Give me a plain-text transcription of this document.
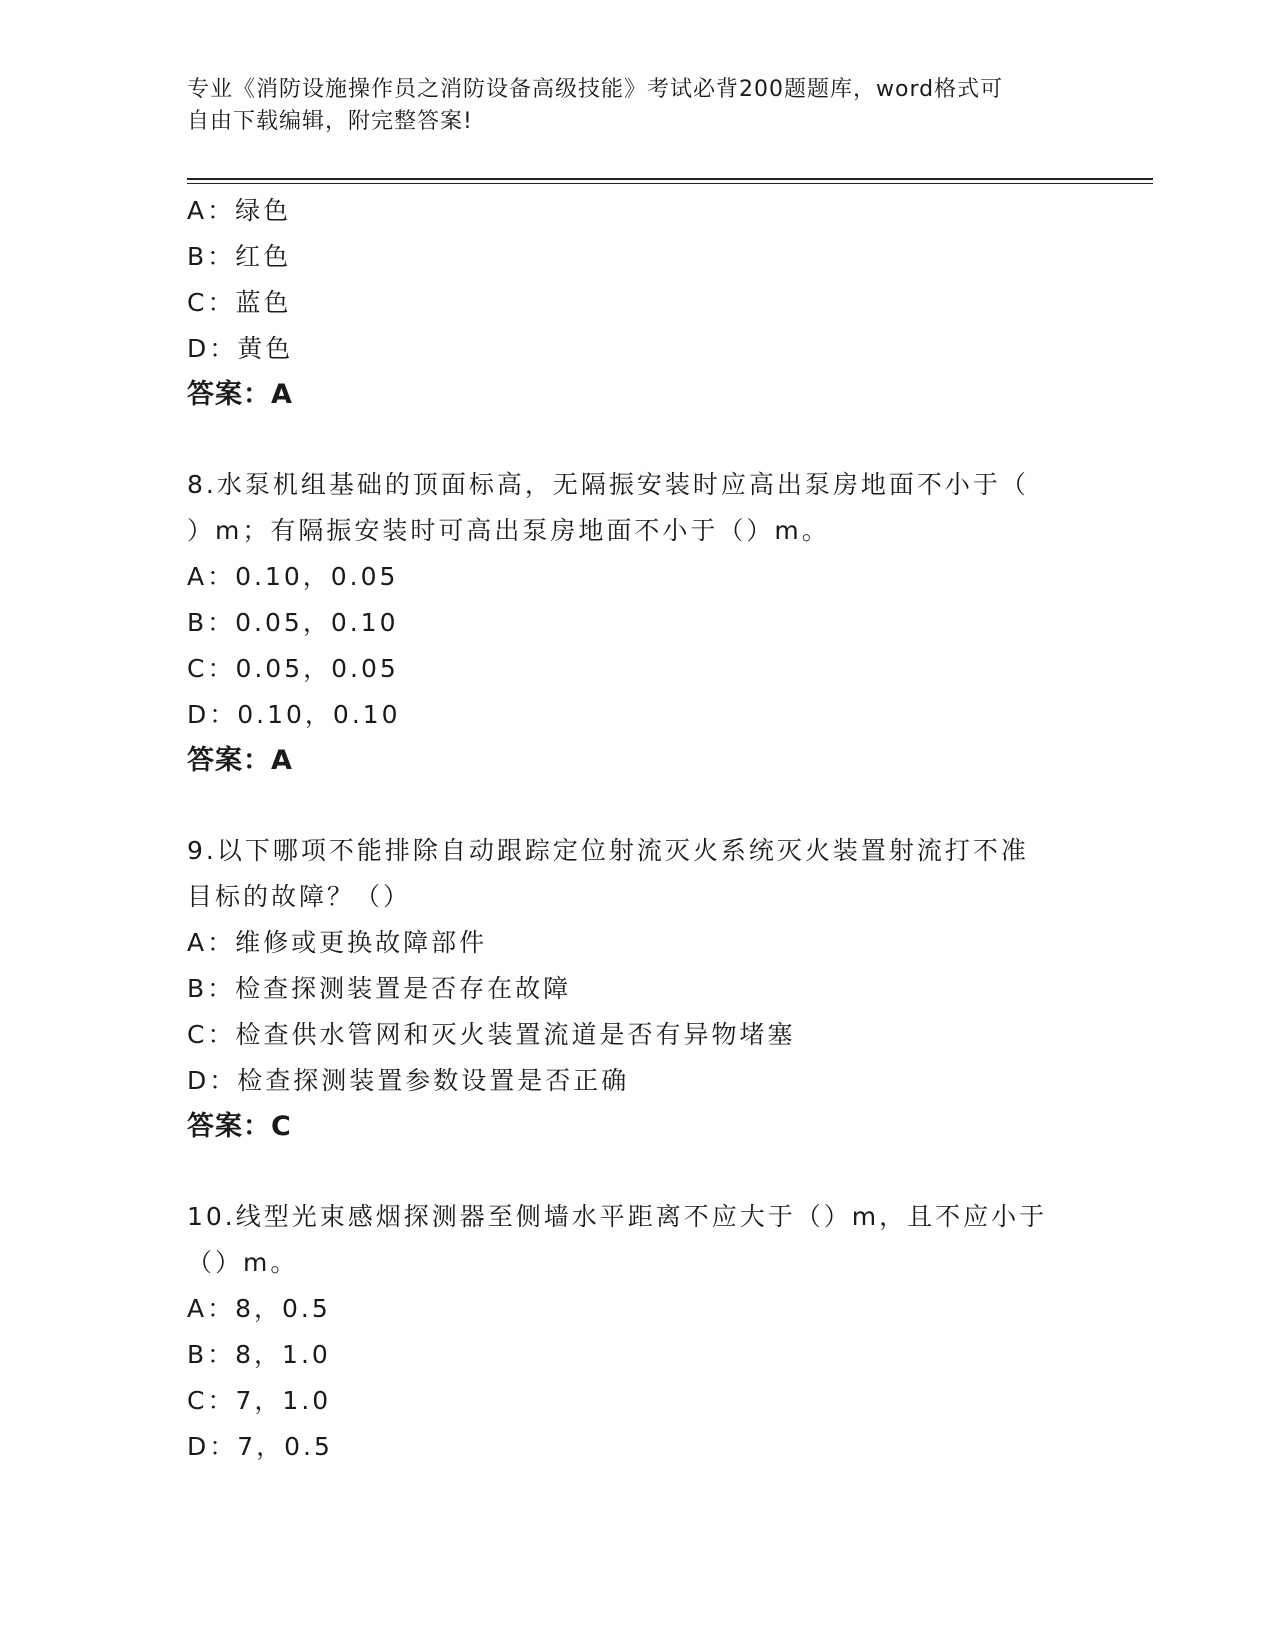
专业《消防设施操作员之消防设备高级技能》考试必背200题题库，word格式可
自由下载编辑，附完整答案!
A：绿色
B：红色
C：蓝色
D：黄色
答案：A
8.水泵机组基础的顶面标高，无隔振安装时应高出泵房地面不小于（
）m；有隔振安装时可高出泵房地面不小于（）m。
A：0.10，0.05
B：0.05，0.10
C：0.05，0.05
D：0.10，0.10
答案：A
9.以下哪项不能排除自动跟踪定位射流灭火系统灭火装置射流打不准
目标的故障？（）
A：维修或更换故障部件
B：检查探测装置是否存在故障
C：检查供水管网和灭火装置流道是否有异物堵塞
D：检查探测装置参数设置是否正确
答案：C
10.线型光束感烟探测器至侧墙水平距离不应大于（）m，且不应小于
（）m。
A：8，0.5
B：8，1.0
C：7，1.0
D：7，0.5
